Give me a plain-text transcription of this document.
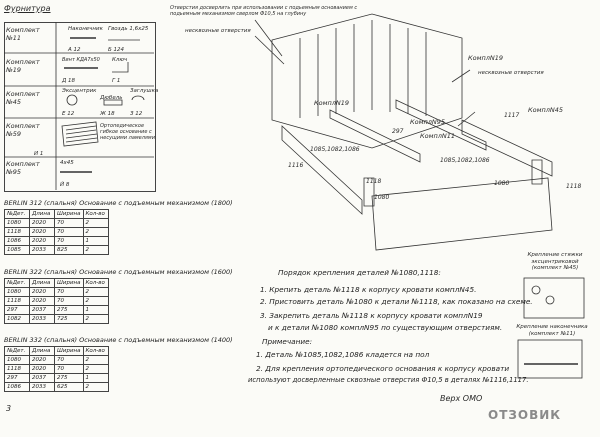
Фурнитура	Отверстия досверлить при использовании с подьемным основанием с подьемным механизмом сверлом Ф10,5 на глубину
несквозные отверстия
Комплект №11
Наконечник Гвоздь 1,6х25
А 12	Б 124
Комплект №19
Винт КДА7х50 Ключ
Д 18	Г 1
Комплект №45
Эксцентрик
Дюбель
Заглушка
Е 12	Ж 18	З 12
Комплект №59
Ортопедическое гибкое основание с несущими ламелями
И 1
Комплект №95
4х45
Й 8
BERLIN 312 (спальня) Основание с подъемным механизмом (1800)
№Дет.	Длина	Ширина	Кол-во
1080	2020	70	2
1118	2020	70	2
1086	2020	70	1
1085	2033	825	2
BERLIN 322 (спальня) Основание с подъемным механизмом (1600)
№Дет.	Длина	Ширина	Кол-во
1080	2020	70	2
1118	2020	70	2
297	2037	275	1
1082	2033	725	2
BERLIN 332 (спальня) Основание с подъемным механизмом (1400)
№Дет.	Длина	Ширина	Кол-во
1080	2020	70	2
1118	2020	70	2
297	2037	275	1
1086	2033	625	2
КомплN19
несквозные отверстия
КомплN19
КомплN45
КомплN95
КомплN11
297
1117
1085,1082,1086
1085,1082,1086
1116
1118
1080
1080	1118
Порядок крепления деталей №1080,1118:
1. Крепить деталь №1118 к корпусу кровати комплN45.
2. Пристовить деталь №1080 к детали №1118, как показано на схеме.
3. Закрепить деталь №1118 к корпусу кровати комплN19
и к детали №1080 комплN95 по существующим отверстиям.
Примечание:
1. Деталь №1085,1082,1086 кладется на пол
2. Для крепления ортопедического основания к корпусу кровати
используют досверленные сквозные отверстия Ф10,5 в деталях №1116,1117.
Крепление стяжки эксцентриковой (комплект №45)
Крепление наконечника (комплект №11)
3
Верх ОМО
ОТЗОВИК
